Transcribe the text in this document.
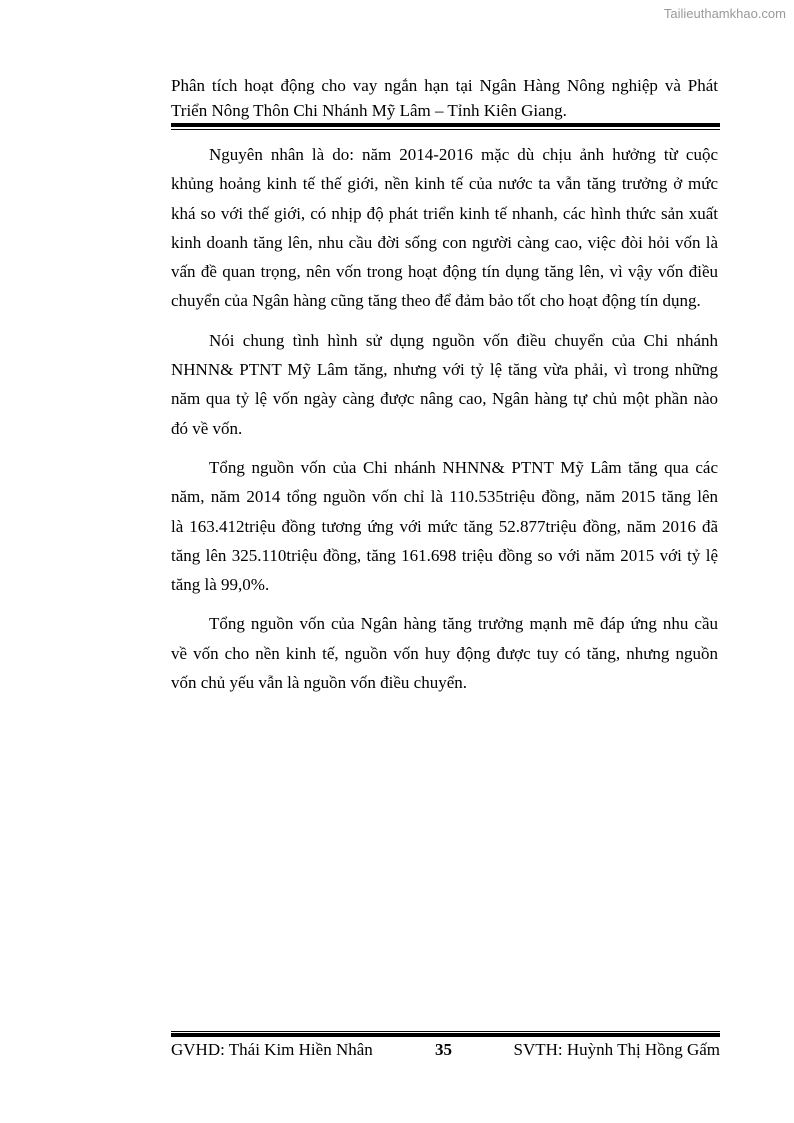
Tailieuthamkhao.com
Phân tích hoạt động cho vay ngắn hạn tại Ngân Hàng Nông nghiệp và Phát
Triển Nông Thôn Chi Nhánh Mỹ Lâm – Tỉnh Kiên Giang.
Nguyên nhân là do: năm 2014-2016 mặc dù chịu ảnh hưởng từ cuộc
khủng hoảng kinh tế thế giới, nền kinh tế của nước ta vẫn tăng trưởng ở mức
khá so với thế giới, có nhịp độ phát triển kinh tế nhanh, các hình thức sản xuất
kinh doanh tăng lên, nhu cầu đời sống con người càng cao, việc đòi hỏi vốn là
vấn đề quan trọng, nên vốn trong hoạt động tín dụng tăng lên, vì vậy vốn điều
chuyển của Ngân hàng cũng tăng theo để đảm bảo tốt cho hoạt động tín dụng.
Nói chung tình hình sử dụng nguồn vốn điều chuyển của Chi nhánh
NHNN& PTNT Mỹ Lâm tăng, nhưng với tỷ lệ tăng vừa phải, vì trong những
năm qua tỷ lệ vốn ngày càng được nâng cao, Ngân hàng tự chủ một phần nào
đó về vốn.
Tổng nguồn vốn của Chi nhánh NHNN& PTNT Mỹ Lâm tăng qua các
năm, năm 2014 tổng nguồn vốn chỉ là 110.535triệu đồng, năm 2015 tăng lên
là 163.412triệu đồng tương ứng với mức tăng 52.877triệu đồng, năm 2016 đã
tăng lên 325.110triệu đồng, tăng 161.698 triệu đồng so với năm 2015 với tỷ lệ
tăng là 99,0%.
Tổng nguồn vốn của Ngân hàng tăng trưởng mạnh mẽ đáp ứng nhu cầu
về vốn cho nền kinh tế, nguồn vốn huy động được tuy có tăng, nhưng nguồn
vốn chủ yếu vẫn là nguồn vốn điều chuyển.
GVHD: Thái Kim Hiền Nhân	35	SVTH: Huỳnh Thị Hồng Gấm
